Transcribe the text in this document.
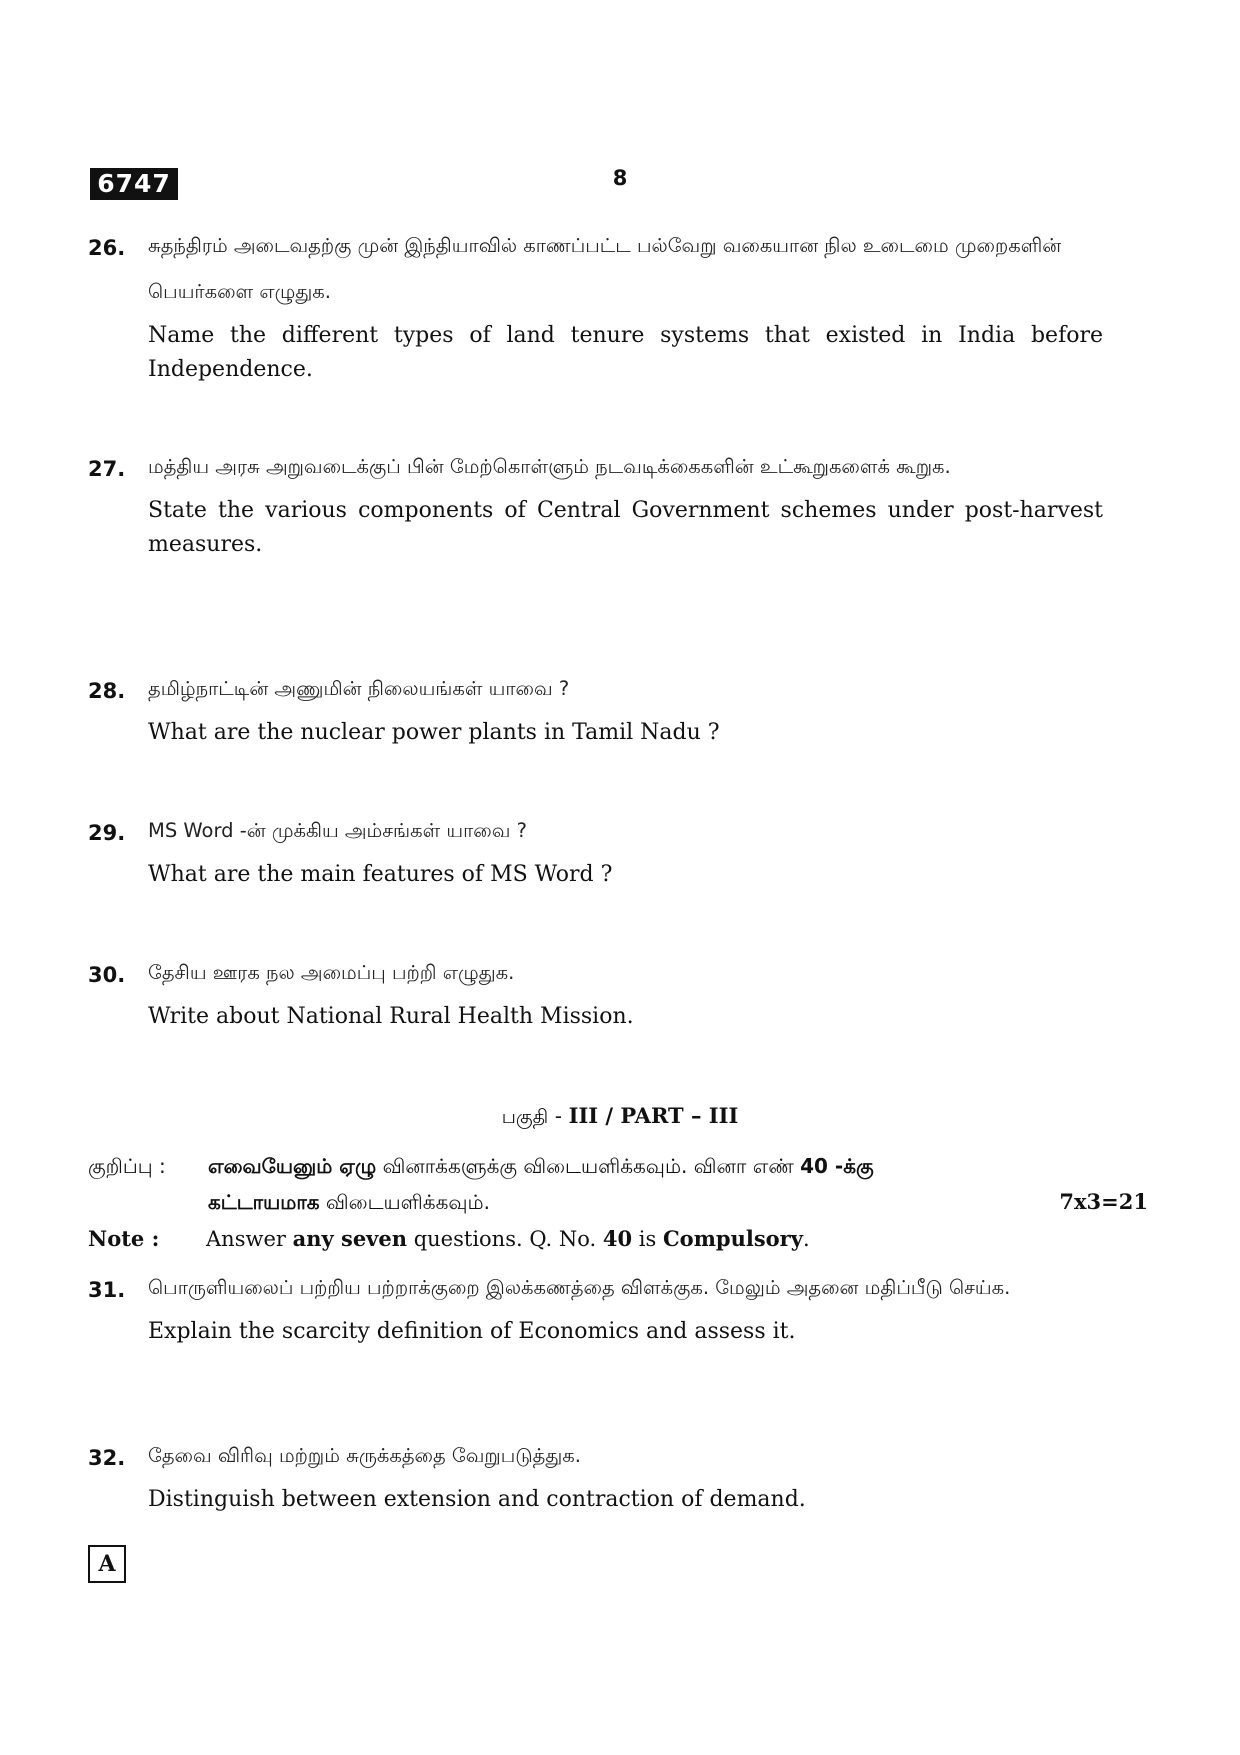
6747	8
26. சுதந்திரம் அடைவதற்கு முன் இந்தியாவில் காணப்பட்ட பல்வேறு வகையான நில உடைமை முறைகளின் பெயர்களை எழுதுக.
Name the different types of land tenure systems that existed in India before Independence.
27. மத்திய அரசு அறுவடைக்குப் பின் மேற்கொள்ளும் நடவடிக்கைகளின் உட்கூறுகளைக் கூறுக.
State the various components of Central Government schemes under post-harvest measures.
28. தமிழ்நாட்டின் அணுமின் நிலையங்கள் யாவை ?
What are the nuclear power plants in Tamil Nadu ?
29. MS Word -ன் முக்கிய அம்சங்கள் யாவை ?
What are the main features of MS Word ?
30. தேசிய ஊரக நல அமைப்பு பற்றி எழுதுக.
Write about National Rural Health Mission.
பகுதி - III / PART – III
குறிப்பு : எவையேனும் ஏழு வினாக்களுக்கு விடையளிக்கவும். வினா எண் 40 -க்கு
கட்டாயமாக விடையளிக்கவும்.	7x3=21
Note : Answer any seven questions. Q. No. 40 is Compulsory.
31. பொருளியலைப் பற்றிய பற்றாக்குறை இலக்கணத்தை விளக்குக. மேலும் அதனை மதிப்பீடு செய்க.
Explain the scarcity definition of Economics and assess it.
32. தேவை விரிவு மற்றும் சுருக்கத்தை வேறுபடுத்துக.
Distinguish between extension and contraction of demand.
A
